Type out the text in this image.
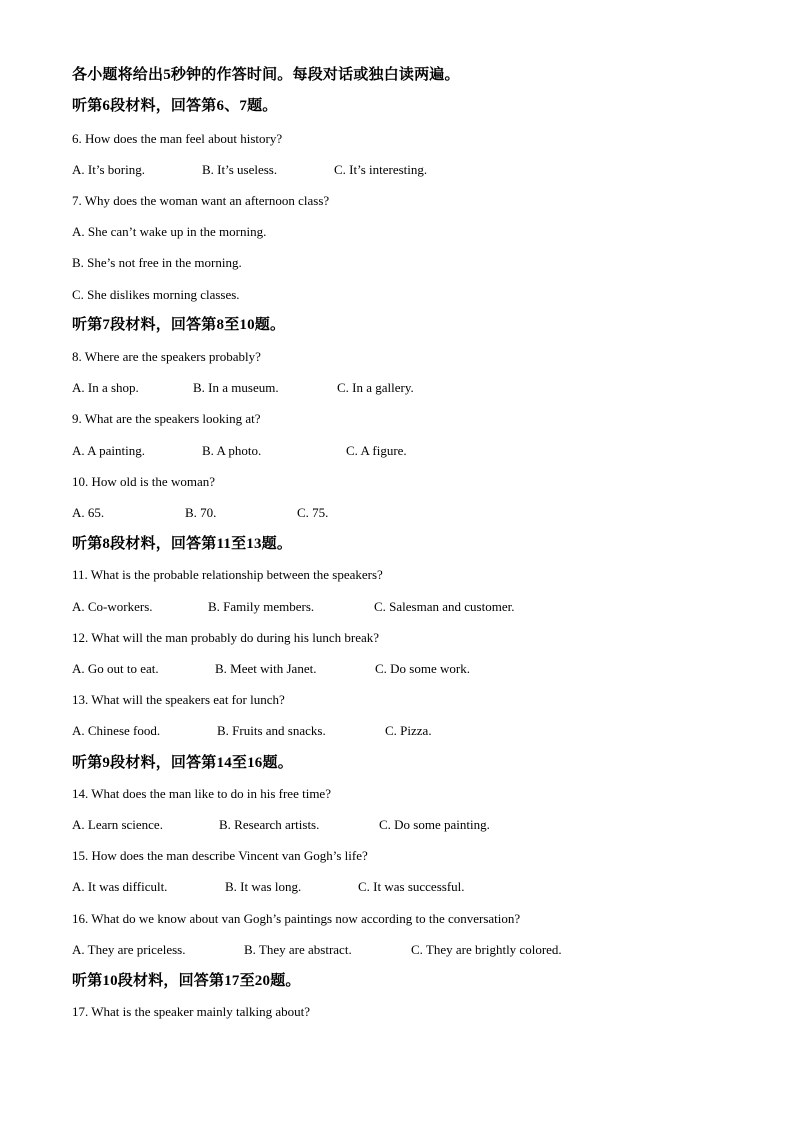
各小题将给出5秒钟的作答时间。每段对话或独白读两遍。
听第6段材料，回答第6、7题。
6. How does the man feel about history?
A. It’s boring.	B. It’s useless.	C. It’s interesting.
7. Why does the woman want an afternoon class?
A. She can’t wake up in the morning.
B. She’s not free in the morning.
C. She dislikes morning classes.
听第7段材料，回答第8至10题。
8. Where are the speakers probably?
A. In a shop.	B. In a museum.	C. In a gallery.
9. What are the speakers looking at?
A. A painting.	B. A photo.	C. A figure.
10. How old is the woman?
A. 65.	B. 70.	C. 75.
听第8段材料，回答第11至13题。
11. What is the probable relationship between the speakers?
A. Co-workers.	B. Family members.	C. Salesman and customer.
12. What will the man probably do during his lunch break?
A. Go out to eat.	B. Meet with Janet.	C. Do some work.
13. What will the speakers eat for lunch?
A. Chinese food.	B. Fruits and snacks.	C. Pizza.
听第9段材料，回答第14至16题。
14. What does the man like to do in his free time?
A. Learn science.	B. Research artists.	C. Do some painting.
15. How does the man describe Vincent van Gogh’s life?
A. It was difficult.	B. It was long.	C. It was successful.
16. What do we know about van Gogh’s paintings now according to the conversation?
A. They are priceless.	B. They are abstract.	C. They are brightly colored.
听第10段材料，回答第17至20题。
17. What is the speaker mainly talking about?
